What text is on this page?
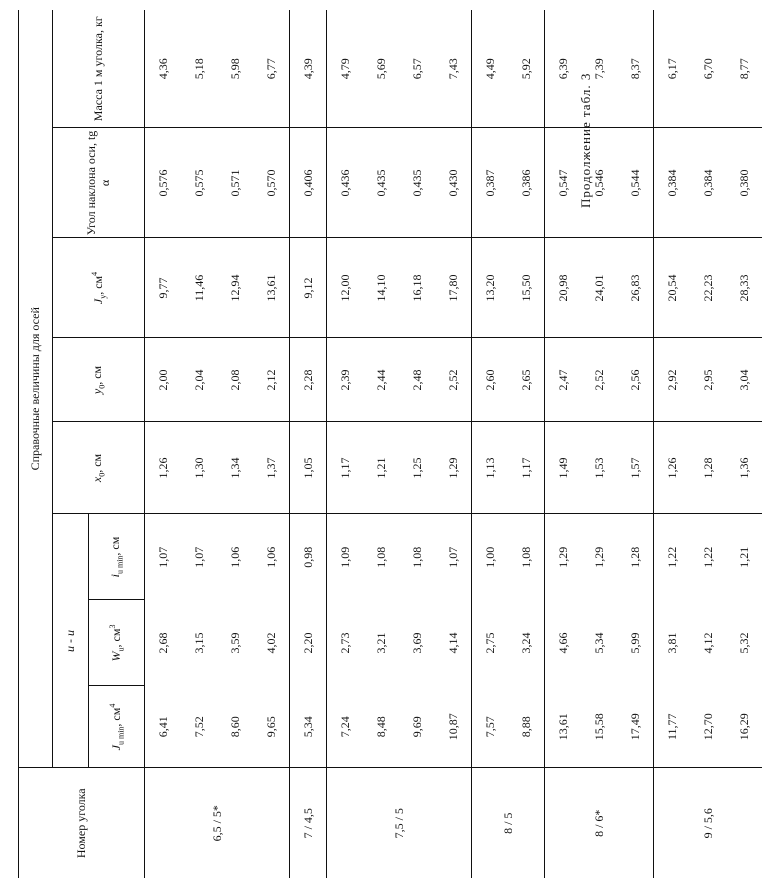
Продолжение табл. 3
Номер уголка	Справочные величины для осей							
	u - u			$x_0$, см	$y_0$, см	$J_y$, $см^4$	Угол наклона оси, tg α	Масса 1 м уголка, кг
	$J_{u min}$, $см^4$	$W_u$, $см^3$	$i_{u min}$, см					
6,5 / 5*	6,41	2,68	1,07	1,26	2,00	9,77	0,576	4,36
	7,52	3,15	1,07	1,30	2,04	11,46	0,575	5,18
	8,60	3,59	1,06	1,34	2,08	12,94	0,571	5,98
	9,65	4,02	1,06	1,37	2,12	13,61	0,570	6,77
7 / 4,5	5,34	2,20	0,98	1,05	2,28	9,12	0,406	4,39
7,5 / 5	7,24	2,73	1,09	1,17	2,39	12,00	0,436	4,79
	8,48	3,21	1,08	1,21	2,44	14,10	0,435	5,69
	9,69	3,69	1,08	1,25	2,48	16,18	0,435	6,57
	10,87	4,14	1,07	1,29	2,52	17,80	0,430	7,43
8 / 5	7,57	2,75	1,00	1,13	2,60	13,20	0,387	4,49
	8,88	3,24	1,08	1,17	2,65	15,50	0,386	5,92
8 / 6*	13,61	4,66	1,29	1,49	2,47	20,98	0,547	6,39
	15,58	5,34	1,29	1,53	2,52	24,01	0,546	7,39
	17,49	5,99	1,28	1,57	2,56	26,83	0,544	8,37
9 / 5,6	11,77	3,81	1,22	1,26	2,92	20,54	0,384	6,17
	12,70	4,12	1,22	1,28	2,95	22,23	0,384	6,70
	16,29	5,32	1,21	1,36	3,04	28,33	0,380	8,77
